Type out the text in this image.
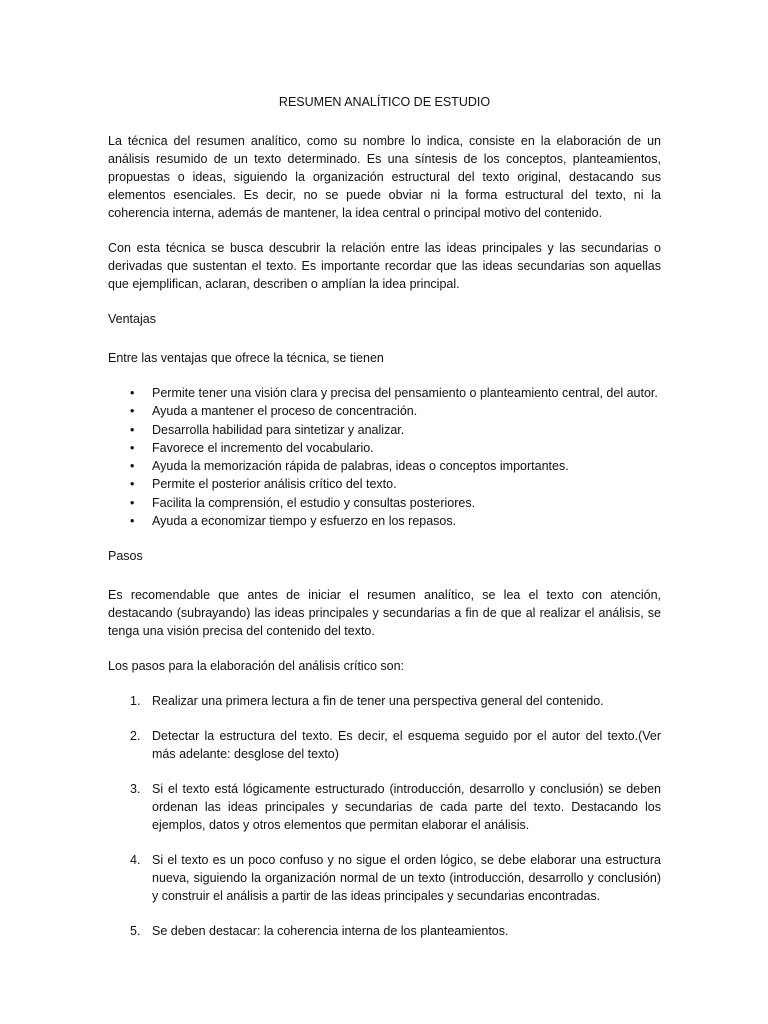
RESUMEN ANALÍTICO DE ESTUDIO

La técnica del resumen analítico, como su nombre lo indica, consiste en la elaboración de un análisis resumido de un texto determinado. Es una síntesis de los conceptos, planteamientos, propuestas o ideas, siguiendo la organización estructural del texto original, destacando sus elementos esenciales. Es decir, no se puede obviar ni la forma estructural del texto, ni la coherencia interna, además de mantener, la idea central o principal motivo del contenido.

Con esta técnica se busca descubrir la relación entre las ideas principales y las secundarias o derivadas que sustentan el texto. Es importante recordar que las ideas secundarias son aquellas que ejemplifican, aclaran, describen o amplían la idea principal.

Ventajas

Entre las ventajas que ofrece la técnica, se tienen

• Permite tener una visión clara y precisa del pensamiento o planteamiento central, del autor.
• Ayuda a mantener el proceso de concentración.
• Desarrolla habilidad para sintetizar y analizar.
• Favorece el incremento del vocabulario.
• Ayuda la memorización rápida de palabras, ideas o conceptos importantes.
• Permite el posterior análisis crítico del texto.
• Facilita la comprensión, el estudio y consultas posteriores.
• Ayuda a economizar tiempo y esfuerzo en los repasos.
Pasos

Es recomendable que antes de iniciar el resumen analítico, se lea el texto con atención, destacando (subrayando) las ideas principales y secundarias a fin de que al realizar el análisis, se tenga una visión precisa del contenido del texto.

Los pasos para la elaboración del análisis crítico son:

1. Realizar una primera lectura a fin de tener una perspectiva general del contenido.
2. Detectar la estructura del texto. Es decir, el esquema seguido por el autor del texto.(Ver más adelante: desglose del texto)
3. Si el texto está lógicamente estructurado (introducción, desarrollo y conclusión) se deben ordenan las ideas principales y secundarias de cada parte del texto. Destacando los ejemplos, datos y otros elementos que permitan elaborar el análisis.
4. Si el texto es un poco confuso y no sigue el orden lógico, se debe elaborar una estructura nueva, siguiendo la organización normal de un texto (introducción, desarrollo y conclusión) y construir el análisis a partir de las ideas principales y secundarias encontradas.
5. Se deben destacar: la coherencia interna de los planteamientos.
